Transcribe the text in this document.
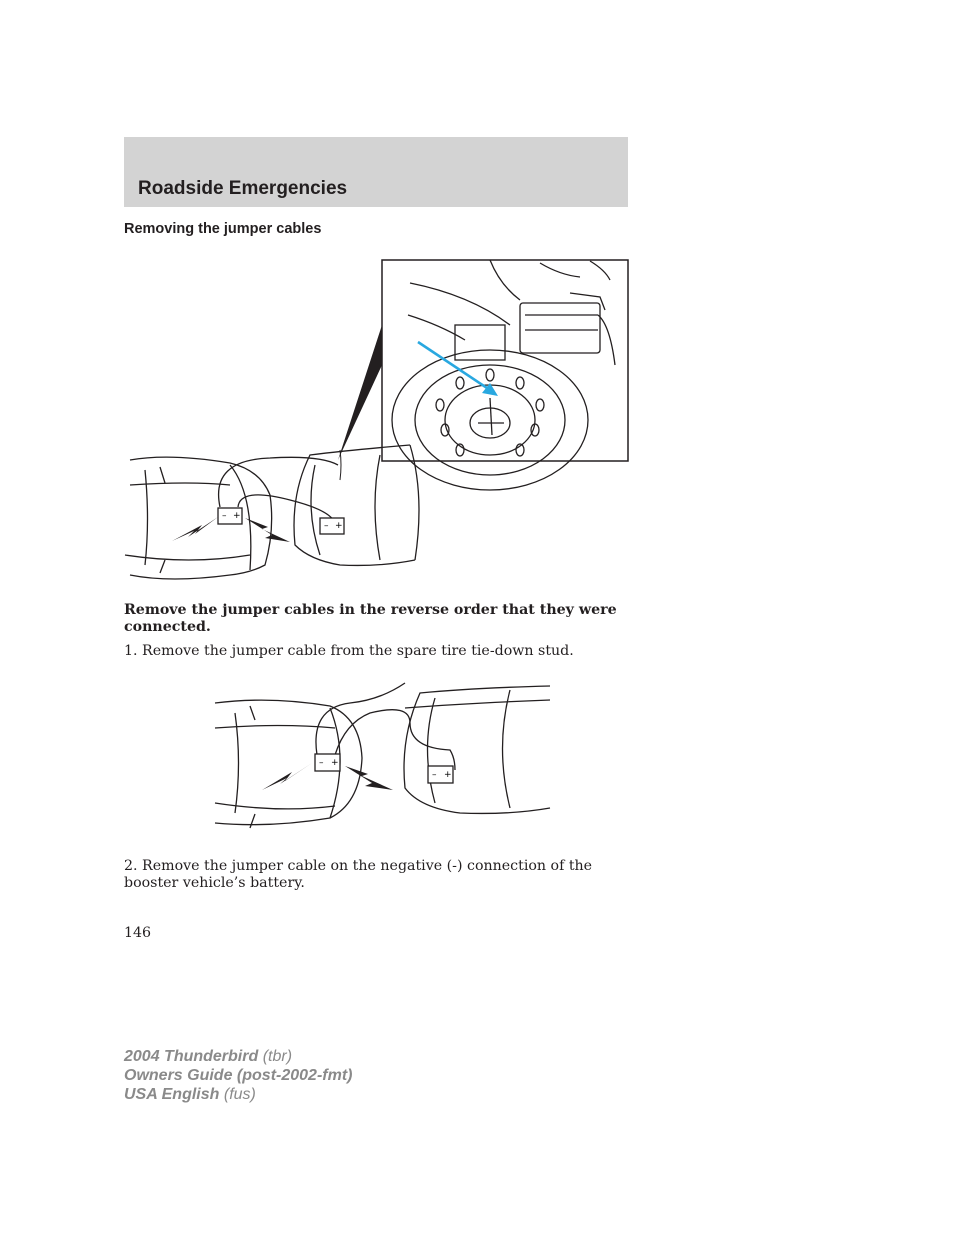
Roadside Emergencies
Removing the jumper cables
– +
– +
Remove the jumper cables in the reverse order that they were connected.
1. Remove the jumper cable from the spare tire tie-down stud.
– +
– +
2. Remove the jumper cable on the negative (-) connection of the booster vehicle’s battery.
146
2004 Thunderbird (tbr)
Owners Guide (post-2002-fmt)
USA English (fus)
